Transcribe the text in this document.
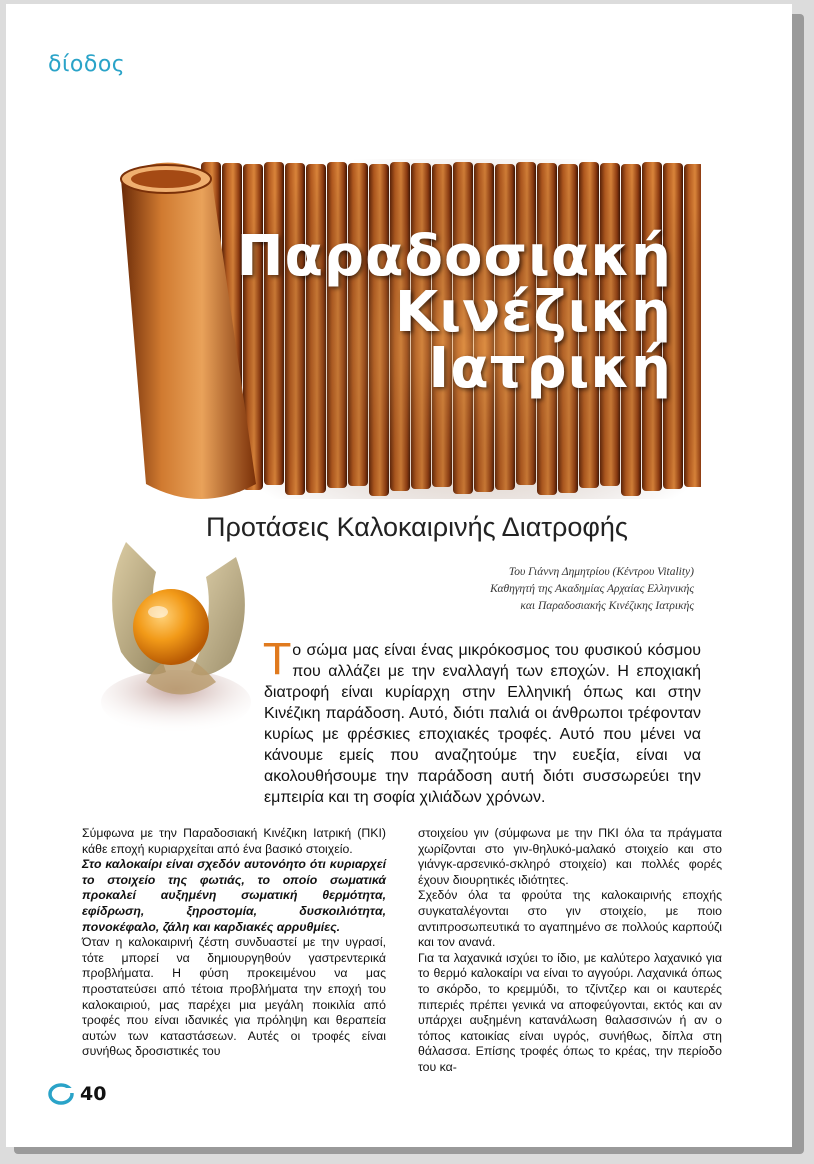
δίοδος
Παραδοσιακή
Κινέζικη
Ιατρική
Προτάσεις Καλοκαιρινής Διατροφής
Του Γιάννη Δημητρίου (Κέντρου Vitality)
Καθηγητή της Ακαδημίας Αρχαίας Ελληνικής
και Παραδοσιακής Κινέζικης Ιατρικής
Το σώμα μας είναι ένας μικρόκοσμος του φυσικού κόσμου που αλλάζει με την εναλλαγή των εποχών. Η εποχιακή διατροφή είναι κυρίαρχη στην Ελληνική όπως και στην Κινέζικη παράδοση. Αυτό, διότι παλιά οι άνθρωποι τρέφονταν κυρίως με φρέσκιες εποχιακές τροφές. Αυτό που μένει να κάνουμε εμείς που αναζητούμε την ευεξία, είναι να ακολουθήσουμε την παράδοση αυτή διότι συσσωρεύει την εμπειρία και τη σοφία χιλιάδων χρόνων.

Σύμφωνα με την Παραδοσιακή Κινέζικη Ιατρική (ΠΚΙ) κάθε εποχή κυριαρχείται από ένα βασικό στοιχείο.

Στο καλοκαίρι είναι σχεδόν αυτονόητο ότι κυριαρχεί το στοιχείο της φωτιάς, το οποίο σωματικά προκαλεί αυξημένη σωματική θερμότητα, εφίδρωση, ξηροστομία, δυσκοιλιότητα, πονοκέφαλο, ζάλη και καρδιακές αρρυθμίες.

Όταν η καλοκαιρινή ζέστη συνδυαστεί με την υγρασί, τότε μπορεί να δημιουργηθούν γαστρεντερικά προβλήματα. Η φύση προκειμένου να μας προστατεύσει από τέτοια προβλήματα την εποχή του καλοκαιριού, μας παρέχει μια μεγάλη ποικιλία από τροφές που είναι ιδανικές για πρόληψη και θεραπεία αυτών των καταστάσεων. Αυτές οι τροφές είναι συνήθως δροσιστικές του

στοιχείου γιν (σύμφωνα με την ΠΚΙ όλα τα πράγματα χωρίζονται στο γιν-θηλυκό-μαλακό στοιχείο και στο γιάνγκ-αρσενικό-σκληρό στοιχείο) και πολλές φορές έχουν διουρητικές ιδιότητες.

Σχεδόν όλα τα φρούτα της καλοκαιρινής εποχής συγκαταλέγονται στο γιν στοιχείο, με ποιο αντιπροσωπευτικά το αγαπημένο σε πολλούς καρπούζι και τον ανανά.

Για τα λαχανικά ισχύει το ίδιο, με καλύτερο λαχανικό για το θερμό καλοκαίρι να είναι το αγγούρι. Λαχανικά όπως το σκόρδο, το κρεμμύδι, το τζίντζερ και οι καυτερές πιπεριές πρέπει γενικά να αποφεύγονται, εκτός και αν υπάρχει αυξημένη κατανάλωση θαλασσινών ή αν ο τόπος κατοικίας είναι υγρός, συνήθως, δίπλα στη θάλασσα. Επίσης τροφές όπως το κρέας, την περίοδο του κα-

40
